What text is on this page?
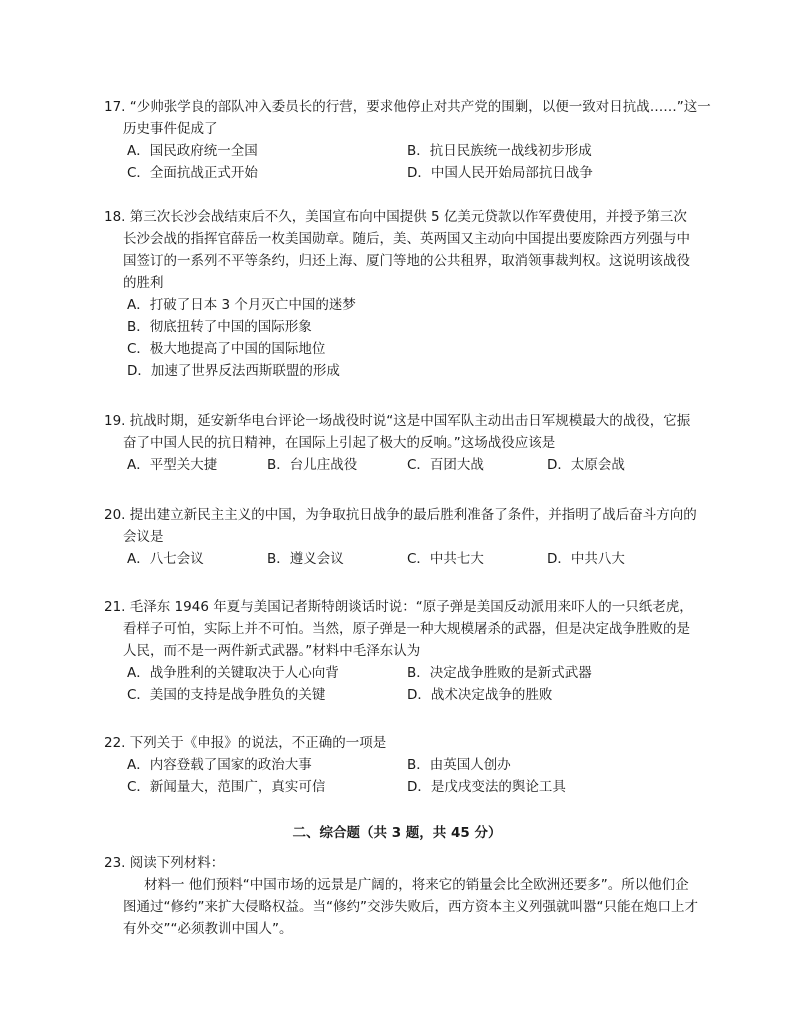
17. “少帅张学良的部队冲入委员长的行营，要求他停止对共产党的围剿，以便一致对日抗战……”这一
历史事件促成了
A．国民政府统一全国	B．抗日民族统一战线初步形成
C．全面抗战正式开始	D．中国人民开始局部抗日战争
18. 第三次长沙会战结束后不久，美国宣布向中国提供 5 亿美元贷款以作军费使用，并授予第三次
长沙会战的指挥官薛岳一枚美国勋章。随后，美、英两国又主动向中国提出要废除西方列强与中
国签订的一系列不平等条约，归还上海、厦门等地的公共租界，取消领事裁判权。这说明该战役
的胜利
A．打破了日本 3 个月灭亡中国的迷梦
B．彻底扭转了中国的国际形象
C．极大地提高了中国的国际地位
D．加速了世界反法西斯联盟的形成
19. 抗战时期，延安新华电台评论一场战役时说“这是中国军队主动出击日军规模最大的战役，它振
奋了中国人民的抗日精神，在国际上引起了极大的反响。”这场战役应该是
A．平型关大捷	B．台儿庄战役	C．百团大战	D．太原会战
20. 提出建立新民主主义的中国，为争取抗日战争的最后胜利准备了条件，并指明了战后奋斗方向的
会议是
A．八七会议	B．遵义会议	C．中共七大	D．中共八大
21. 毛泽东 1946 年夏与美国记者斯特朗谈话时说：“原子弹是美国反动派用来吓人的一只纸老虎，
看样子可怕，实际上并不可怕。当然，原子弹是一种大规模屠杀的武器，但是决定战争胜败的是
人民，而不是一两件新式武器。”材料中毛泽东认为
A．战争胜利的关键取决于人心向背	B．决定战争胜败的是新式武器
C．美国的支持是战争胜负的关键	D．战术决定战争的胜败
22. 下列关于《申报》的说法，不正确的一项是
A．内容登载了国家的政治大事	B．由英国人创办
C．新闻量大，范围广，真实可信	D．是戊戌变法的舆论工具
二、综合题（共 3 题，共 45 分）
23. 阅读下列材料：
材料一 他们预料“中国市场的远景是广阔的，将来它的销量会比全欧洲还要多”。所以他们企
图通过“修约”来扩大侵略权益。当“修约”交涉失败后，西方资本主义列强就叫嚣“只能在炮口上才
有外交”“必须教训中国人”。
